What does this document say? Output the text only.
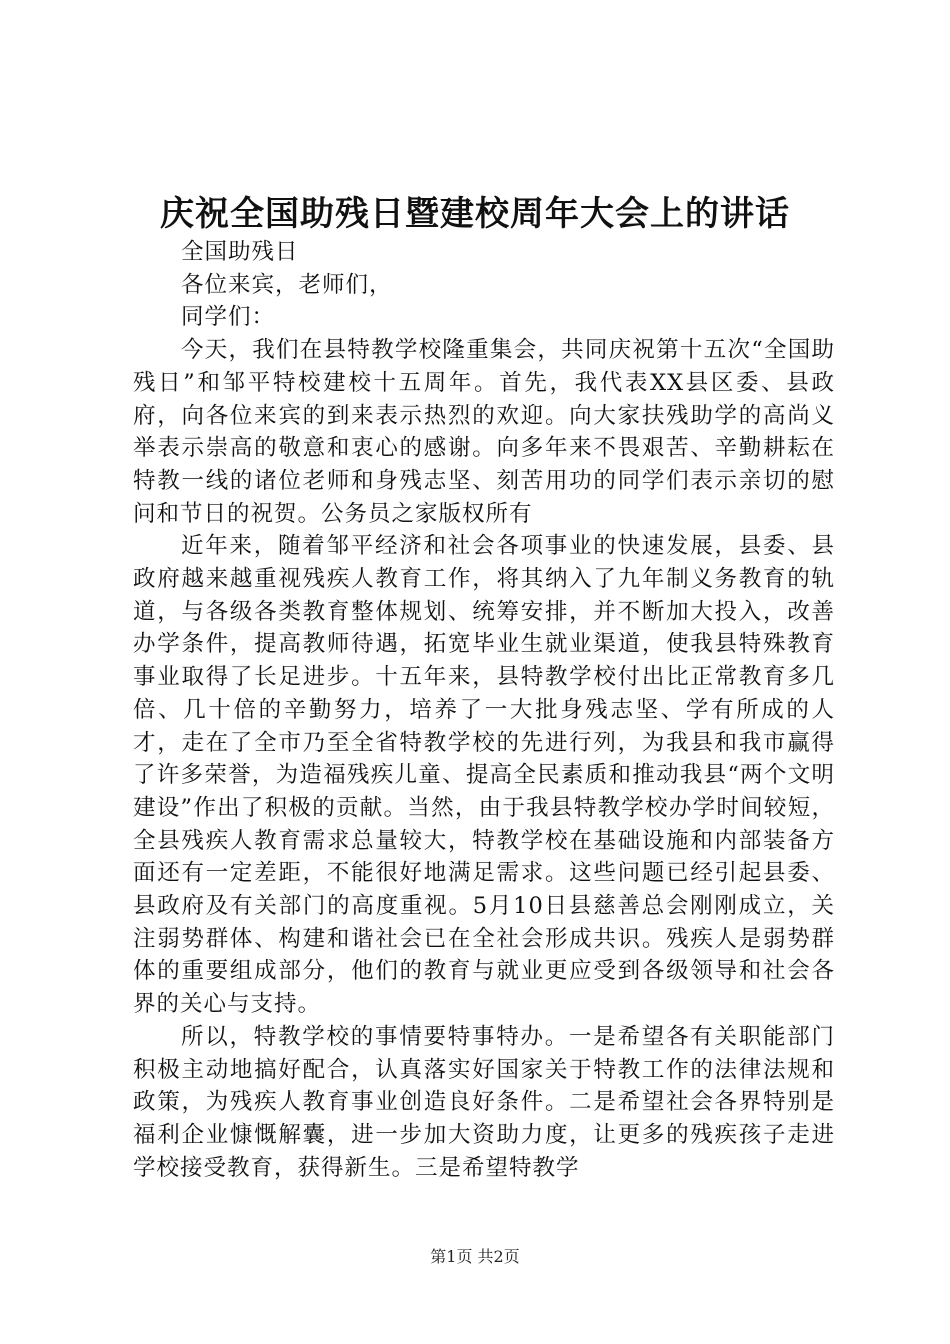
庆祝全国助残日暨建校周年大会上的讲话

全国助残日

各位来宾，老师们，

同学们：

今天，我们在县特教学校隆重集会，共同庆祝第十五次“全国助残日”和邹平特校建校十五周年。首先，我代表XX县区委、县政府，向各位来宾的到来表示热烈的欢迎。向大家扶残助学的高尚义举表示崇高的敬意和衷心的感谢。向多年来不畏艰苦、辛勤耕耘在特教一线的诸位老师和身残志坚、刻苦用功的同学们表示亲切的慰问和节日的祝贺。公务员之家版权所有

近年来，随着邹平经济和社会各项事业的快速发展，县委、县政府越来越重视残疾人教育工作，将其纳入了九年制义务教育的轨道，与各级各类教育整体规划、统筹安排，并不断加大投入，改善办学条件，提高教师待遇，拓宽毕业生就业渠道，使我县特殊教育事业取得了长足进步。十五年来，县特教学校付出比正常教育多几倍、几十倍的辛勤努力，培养了一大批身残志坚、学有所成的人才，走在了全市乃至全省特教学校的先进行列，为我县和我市赢得了许多荣誉，为造福残疾儿童、提高全民素质和推动我县“两个文明建设”作出了积极的贡献。当然，由于我县特教学校办学时间较短，全县残疾人教育需求总量较大，特教学校在基础设施和内部装备方面还有一定差距，不能很好地满足需求。这些问题已经引起县委、县政府及有关部门的高度重视。5月10日县慈善总会刚刚成立，关注弱势群体、构建和谐社会已在全社会形成共识。残疾人是弱势群体的重要组成部分，他们的教育与就业更应受到各级领导和社会各界的关心与支持。

所以，特教学校的事情要特事特办。一是希望各有关职能部门积极主动地搞好配合，认真落实好国家关于特教工作的法律法规和政策，为残疾人教育事业创造良好条件。二是希望社会各界特别是福利企业慷慨解囊，进一步加大资助力度，让更多的残疾孩子走进学校接受教育，获得新生。三是希望特教学

第1页 共2页
